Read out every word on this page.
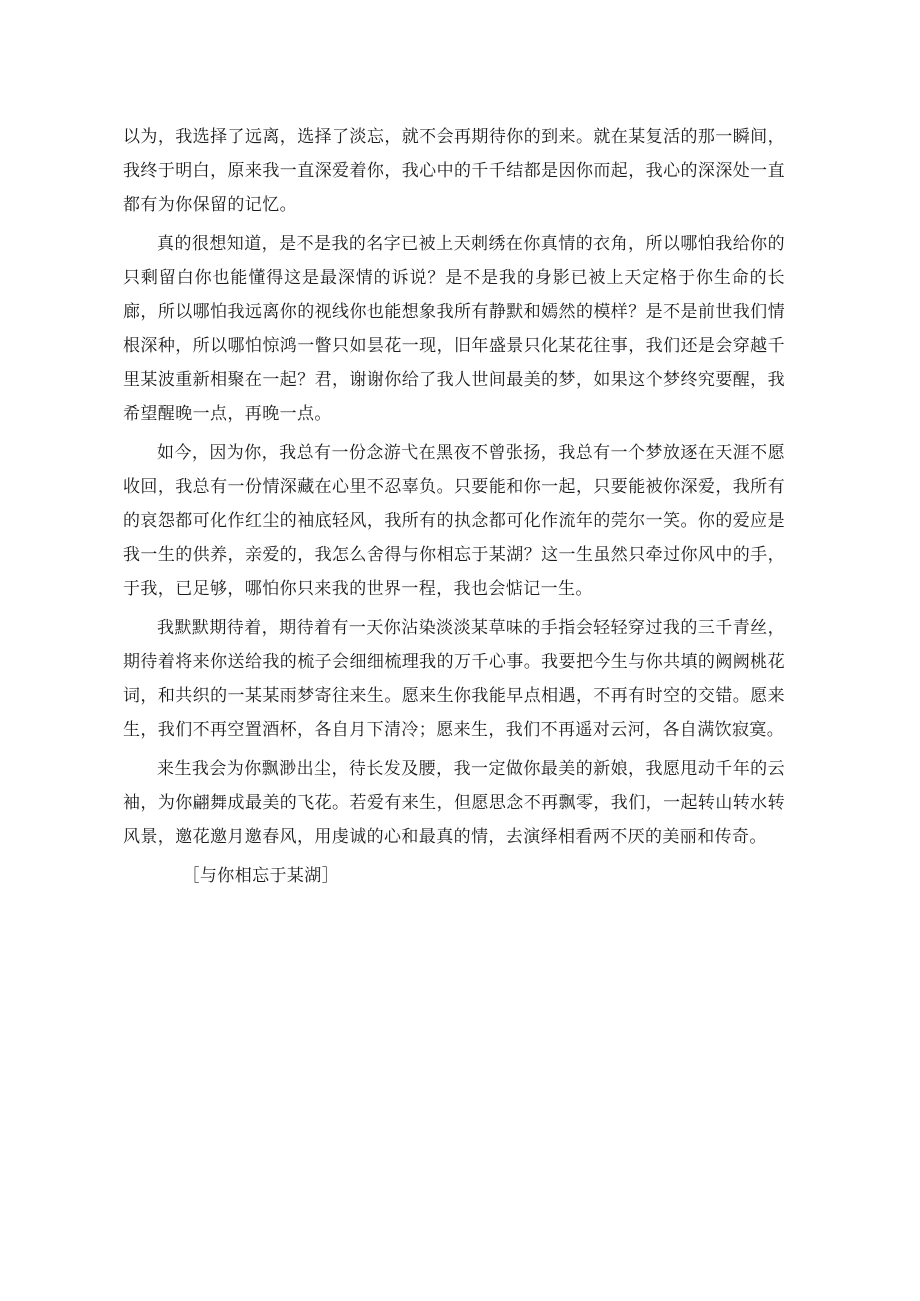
以为，我选择了远离，选择了淡忘，就不会再期待你的到来。就在某复活的那一瞬间，我终于明白，原来我一直深爱着你，我心中的千千结都是因你而起，我心的深深处一直都有为你保留的记忆。

真的很想知道，是不是我的名字已被上天刺绣在你真情的衣角，所以哪怕我给你的只剩留白你也能懂得这是最深情的诉说？是不是我的身影已被上天定格于你生命的长廊，所以哪怕我远离你的视线你也能想象我所有静默和嫣然的模样？是不是前世我们情根深种，所以哪怕惊鸿一瞥只如昙花一现，旧年盛景只化某花往事，我们还是会穿越千里某波重新相聚在一起？君，谢谢你给了我人世间最美的梦，如果这个梦终究要醒，我希望醒晚一点，再晚一点。

如今，因为你，我总有一份念游弋在黑夜不曾张扬，我总有一个梦放逐在天涯不愿收回，我总有一份情深藏在心里不忍辜负。只要能和你一起，只要能被你深爱，我所有的哀怨都可化作红尘的袖底轻风，我所有的执念都可化作流年的莞尔一笑。你的爱应是我一生的供养，亲爱的，我怎么舍得与你相忘于某湖？这一生虽然只牵过你风中的手，于我，已足够，哪怕你只来我的世界一程，我也会惦记一生。

我默默期待着，期待着有一天你沾染淡淡某草味的手指会轻轻穿过我的三千青丝，期待着将来你送给我的梳子会细细梳理我的万千心事。我要把今生与你共填的阙阙桃花词，和共织的一某某雨梦寄往来生。愿来生你我能早点相遇，不再有时空的交错。愿来生，我们不再空置酒杯，各自月下清冷；愿来生，我们不再遥对云河，各自满饮寂寞。

来生我会为你飘渺出尘，待长发及腰，我一定做你最美的新娘，我愿甩动千年的云袖，为你翩舞成最美的飞花。若爱有来生，但愿思念不再飘零，我们，一起转山转水转风景，邀花邀月邀春风，用虔诚的心和最真的情，去演绎相看两不厌的美丽和传奇。

［与你相忘于某湖］
